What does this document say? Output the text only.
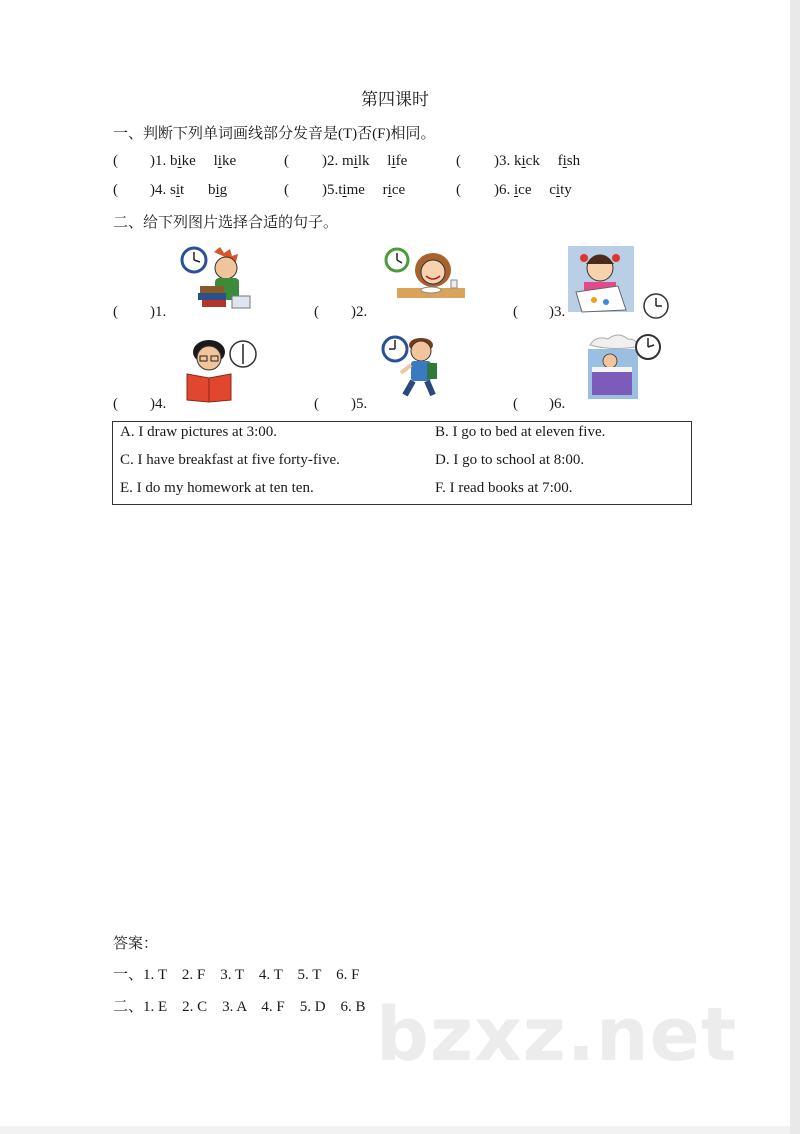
第四课时
一、判断下列单词画线部分发音是(T)否(F)相同。
( )1. bike like	( )2. milk life	( )3. kick fish
( )4. sit big	( )5.time rice	( )6. ice city
二、给下列图片选择合适的句子。
( )1.	( )2.	( )3.
( )4.	( )5.	( )6.
A. I draw pictures at 3:00.	B. I go to bed at eleven five.
C. I have breakfast at five forty-five.	D. I go to school at 8:00.
E. I do my homework at ten ten.	F. I read books at 7:00.
答案：
一、1. T　2. F　3. T　4. T　5. T　6. F
二、1. E　2. C　3. A　4. F　5. D　6. B bzxz.net
